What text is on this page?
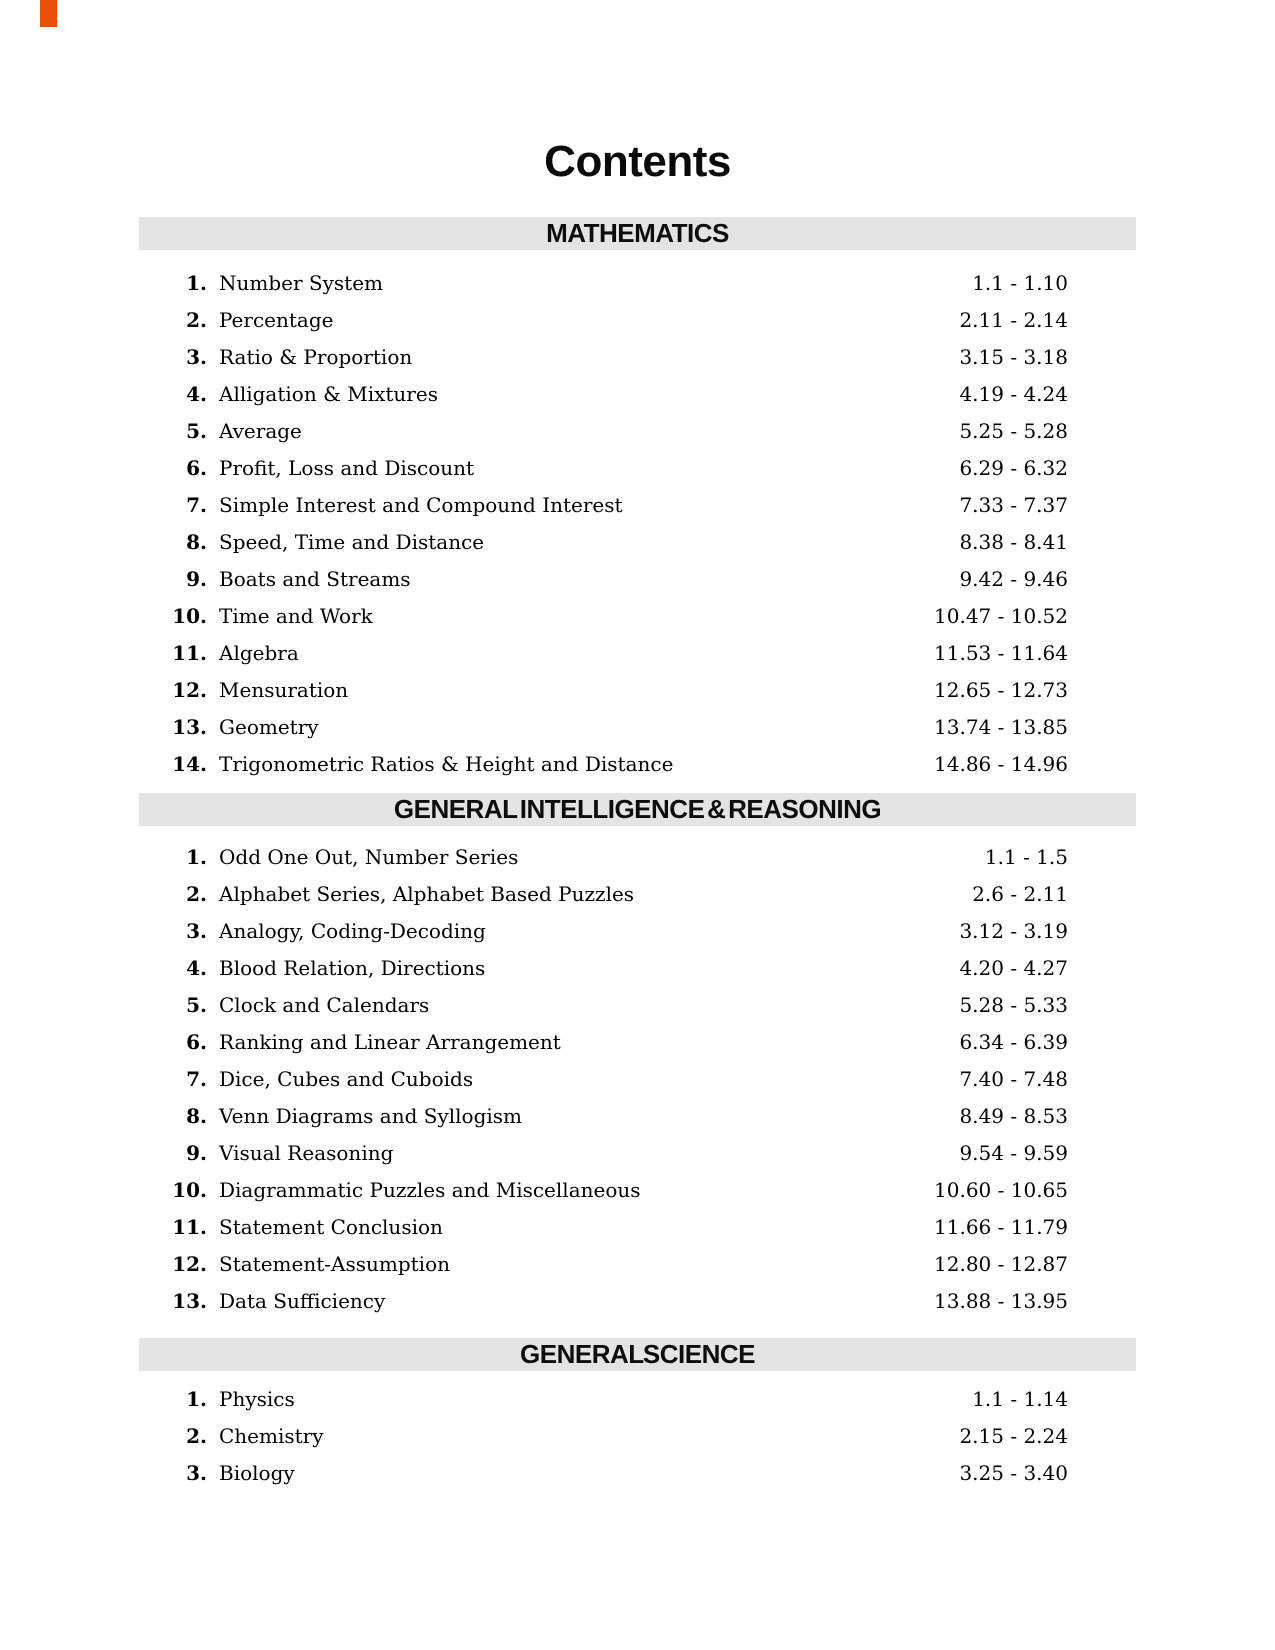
Contents
MATHEMATICS
1. Number System	1.1 - 1.10
2. Percentage	2.11 - 2.14
3. Ratio & Proportion	3.15 - 3.18
4. Alligation & Mixtures	4.19 - 4.24
5. Average	5.25 - 5.28
6. Profit, Loss and Discount	6.29 - 6.32
7. Simple Interest and Compound Interest	7.33 - 7.37
8. Speed, Time and Distance	8.38 - 8.41
9. Boats and Streams	9.42 - 9.46
10. Time and Work	10.47 - 10.52
11. Algebra	11.53 - 11.64
12. Mensuration	12.65 - 12.73
13. Geometry	13.74 - 13.85
14. Trigonometric Ratios & Height and Distance	14.86 - 14.96
GENERAL INTELLIGENCE & REASONING
1. Odd One Out, Number Series	1.1 - 1.5
2. Alphabet Series, Alphabet Based Puzzles	2.6 - 2.11
3. Analogy, Coding-Decoding	3.12 - 3.19
4. Blood Relation, Directions	4.20 - 4.27
5. Clock and Calendars	5.28 - 5.33
6. Ranking and Linear Arrangement	6.34 - 6.39
7. Dice, Cubes and Cuboids	7.40 - 7.48
8. Venn Diagrams and Syllogism	8.49 - 8.53
9. Visual Reasoning	9.54 - 9.59
10. Diagrammatic Puzzles and Miscellaneous	10.60 - 10.65
11. Statement Conclusion	11.66 - 11.79
12. Statement-Assumption	12.80 - 12.87
13. Data Sufficiency	13.88 - 13.95
GENERAL SCIENCE
1. Physics	1.1 - 1.14
2. Chemistry	2.15 - 2.24
3. Biology	3.25 - 3.40
